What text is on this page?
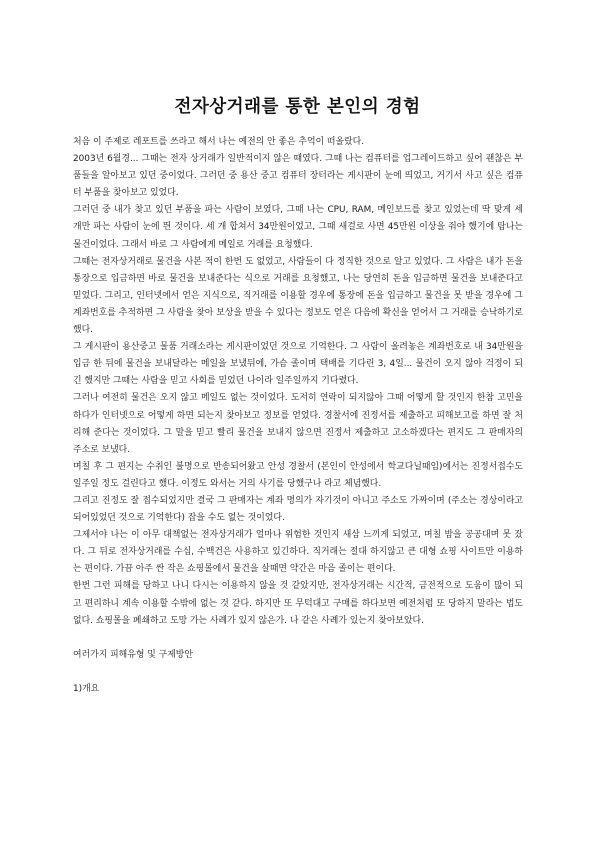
전자상거래를 통한 본인의 경험

처음 이 주제로 레포트를 쓰라고 해서 나는 예전의 안 좋은 추억이 떠올랐다.

2003년 6월경... 그때는 전자 상거래가 일반적이지 않은 때였다. 그때 나는 컴퓨터를 업그레이드하고 싶어 괜찮은 부품들을 알아보고 있던 중이었다. 그러던 중 용산 중고 컴퓨터 장터라는 게시판이 눈에 띄었고, 거기서 사고 싶은 컴퓨터 부품을 찾아보고 있었다.

그러던 중 내가 찾고 있던 부품을 파는 사람이 보였다, 그때 나는 CPU, RAM, 메인보드를 찾고 있었는데 딱 맞게 세 개만 파는 사람이 눈에 띈 것이다. 세 개 합쳐서 34만원이었고, 그때 새걸로 사면 45만원 이상을 줘야 했기에 탐나는 물건이었다. 그래서 바로 그 사람에게 메일로 거래를 요청했다.

그때는 전자상거래로 물건을 사본 적이 한번 도 없었고, 사람들이 다 정직한 것으로 알고 있었다. 그 사람은 내가 돈을 통장으로 입금하면 바로 물건을 보내준다는 식으로 거래를 요청했고, 나는 당연히 돈을 입금하면 물건을 보내준다고 믿었다. 그리고, 인터넷에서 얻은 지식으로, 직거래를 이용할 경우에 통장에 돈을 입금하고 물건을 못 받을 경우에 그 계좌번호를 추적하면 그 사람을 찾아 보상을 받을 수 있다는 정보도 얻은 다음에 확신을 얻어서 그 거래를 승낙하기로 했다.

그 게시판이 용산중고 물품 거래소라는 게시판이었던 것으로 기억한다. 그 사람이 올려놓은 계좌번호로 내 34만원을 입금 한 뒤에 물건을 보내달라는 메일을 보냈뒤에, 가슴 졸이며 택배를 기다린 3, 4일... 물건이 오지 않아 걱정이 되긴 했지만 그때는 사람을 믿고 사회를 믿었던 나이라 일주일까지 기다렸다.

그러나 여전히 물건은 오지 않고 메일도 없는 것이었다. 도저히 연락이 되지않아 그때 어떻게 할 것인지 한참 고민을 하다가 인터넷으로 어떻게 하면 되는지 찾아보고 정보를 얻었다. 경찰서에 진정서를 제출하고 피해보고를 하면 잘 처리해 준다는 것이었다. 그 말을 믿고 빨리 물건을 보내지 않으면 진정서 제출하고 고소하겠다는 편지도 그 판매자의 주소로 보냈다.

며칠 후 그 편지는 수취인 불명으로 반송되어왔고 안성 경찰서 (본인이 안성에서 학교다닐때임)에서는 진정서접수도 일주일 정도 걸린다고 했다. 이정도 와서는 거의 사기를 당했구나 라고 체념했다.

그리고 진정도 잘 접수되었지만 결국 그 판매자는 계좌 명의가 자기것이 아니고 주소도 가짜이며 (주소는 경상이라고 되어있었던 것으로 기억한다) 잡을 수도 없는 것이었다.

그제서야 나는 이 아무 대책없는 전자상거래가 얼마나 위험한 것인지 새삼 느끼게 되었고, 며칠 밤을 공공대며 못 잤다. 그 뒤로 전자상거래를 수십, 수백건은 사용하고 있긴하다. 직거래는 절대 하지않고 큰 대형 쇼핑 사이트만 이용하는 편이다. 가끔 아주 싼 작은 쇼핑몰에서 물건을 살때면 약간은 마음 졸이는 편이다.

한번 그런 피해를 당하고 나니 다시는 이용하지 않을 것 같았지만, 전자상거래는 시간적, 금전적으로 도움이 많이 되고 편리하니 계속 이용할 수밖에 없는 것 같다. 하지만 또 무턱대고 구매를 하다보면 예전처럼 또 당하지 말라는 법도 없다. 쇼핑몰을 폐쇄하고 도망 가는 사례가 있지 않은가. 나 같은 사례가 있는지 찾아보았다.

여러가지 피해유형 및 구제방안

1)개요
